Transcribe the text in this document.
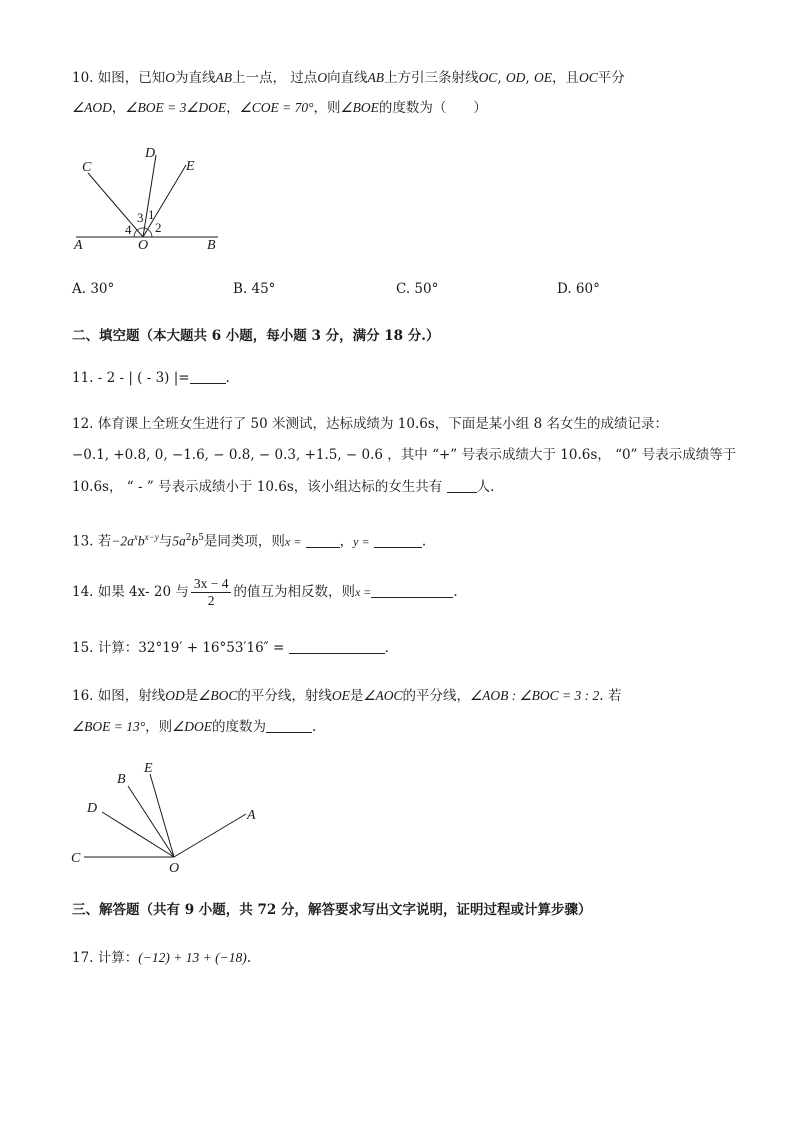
10. 如图，已知O为直线AB上一点， 过点O向直线AB上方引三条射线OC, OD, OE，且OC平分
∠AOD，∠BOE = 3∠DOE，∠COE = 70°，则∠BOE的度数为（　　）
C
D
E
A	O	B
3 1
4 2
A. 30°	B. 45°	C. 50°	D. 60°
二、填空题（本大题共 6 小题，每小题 3 分，满分 18 分.）
11. - 2 - | ( - 3) |=	.
12. 体育课上全班女生进行了 50 米测试，达标成绩为 10.6s，下面是某小组 8 名女生的成绩记录：
−0.1, +0.8, 0, −1.6, − 0.8, − 0.3, +1.5, − 0.6 ，其中 “+” 号表示成绩大于 10.6s， “0” 号表示成绩等于
10.6s， “ - ” 号表示成绩小于 10.6s，该小组达标的女生共有	人.
13. 若$-2a^xb^{x-y}$与$5a^2b^5$是同类项，则x =	，y =	.
14. 如果 4x- 20 与 $\frac{3x - 4}{2}$ 的值互为相反数，则x =	.
15. 计算：32°19′ + 16°53′16″ =	.
16. 如图，射线OD是∠BOC的平分线，射线OE是∠AOC的平分线，∠AOB : ∠BOC = 3 : 2. 若
∠BOE = 13°，则∠DOE的度数为	.
B
E
D	A
C
O
三、解答题（共有 9 小题，共 72 分，解答要求写出文字说明，证明过程或计算步骤）
17. 计算：(−12) + 13 + (−18).
